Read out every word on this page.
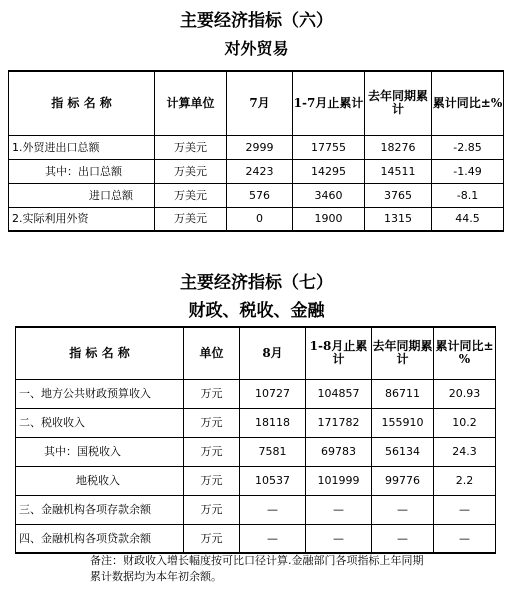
主要经济指标（六）
对外贸易
指 标 名 称	计算单位	7月	1-7月止累计	去年同期累计	累计同比±%
1.外贸进出口总额	万美元	2999	17755	18276	-2.85
其中：出口总额	万美元	2423	14295	14511	-1.49
进口总额	万美元	576	3460	3765	-8.1
2.实际利用外资	万美元	0	1900	1315	44.5
主要经济指标（七）
财政、税收、金融
指 标 名 称	单位	8月	1-8月止累计	去年同期累计	累计同比±%
一、地方公共财政预算收入	万元	10727	104857	86711	20.93
二、税收收入	万元	18118	171782	155910	10.2
其中：国税收入	万元	7581	69783	56134	24.3
地税收入	万元	10537	101999	99776	2.2
三、金融机构各项存款余额	万元	—	—	—	—
四、金融机构各项贷款余额	万元	—	—	—	—
备注：财政收入增长幅度按可比口径计算.金融部门各项指标上年同期
累计数据均为本年初余额。
